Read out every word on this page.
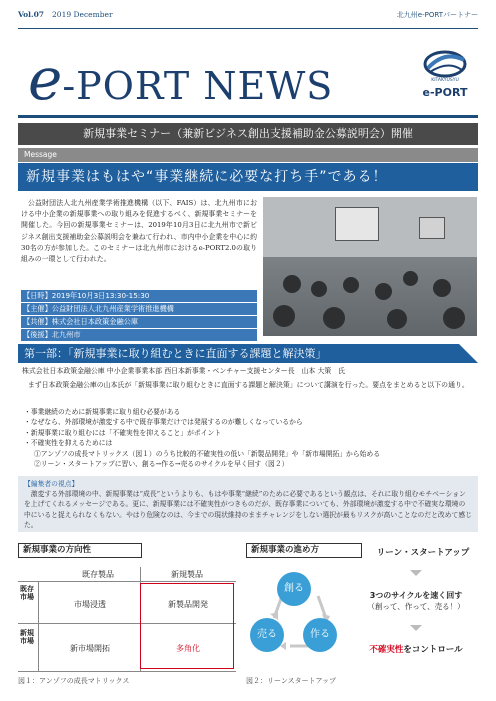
Vol.07 2019 December	北九州e-PORTパートナー
e-PORT NEWS	KITAKYUSYU
e-PORT
新規事業セミナー（兼新ビジネス創出支援補助金公募説明会）開催
Message
新規事業はもはや“事業継続に必要な打ち手”である！
公益財団法人北九州産業学術推進機構（以下、FAIS）は、北九州市における中小企業の新規事業への取り組みを促進するべく、新規事業セミナーを開催した。今回の新規事業セミナーは、2019年10月3日に北九州市で新ビジネス創出支援補助金公募説明会を兼ねて行われ、市内中小企業を中心に約30名の方が参加した。このセミナーは北九州市におけるe-PORT2.0の取り組みの一環として行われた。
【日時】2019年10月3日13:30-15:30
【主催】公益財団法人北九州産業学術推進機構
【共催】株式会社日本政策金融公庫
【後援】北九州市
第一部：「新規事業に取り組むときに直面する課題と解決策」
株式会社日本政策金融公庫 中小企業事業本部 西日本新事業・ベンチャー支援センター長　山本 大策　氏
まず日本政策金融公庫の山本氏が「新規事業に取り組むときに直面する課題と解決策」について講演を行った。要点をまとめると以下の通り。
・事業継続のために新規事業に取り組む必要がある
・なぜなら、外部環境が激変する中で既存事業だけでは発展するのが難しくなっているから
・新規事業に取り組むには「不確実性を抑えること」がポイント
・不確実性を抑えるためには
①アンゾフの成長マトリックス（図１）のうち比較的不確実性の低い「新製品開発」や「新市場開拓」から始める
②リーン・スタートアップに習い、創る→作る→売るのサイクルを早く回す（図２）
【編集者の視点】

激変する外部環境の中、新規事業は“成長”というよりも、もはや事業“継続”のために必要であるという観点は、それに取り組むモチベーションを上げてくれるメッセージである。更に、新規事業には不確実性がつきものだが、既存事業についても、外部環境が激変する中で不確実な環境の中にいると捉えられなくもない。やはり危険なのは、今までの現状維持のままチャレンジをしない選択が最もリスクが高いことなのだと改めて感じた。

新規事業の方向性
既存製品	新規製品
既存市場
新規市場
市場浸透	新製品開発
新市場開拓	多角化
図１：アンゾフの成長マトリックス
新規事業の進め方	リーン・スタートアップ
創る
売る	作る
3つのサイクルを速く回す
（創って、作って、売る！）
不確実性をコントロール
図２：リーンスタートアップ
